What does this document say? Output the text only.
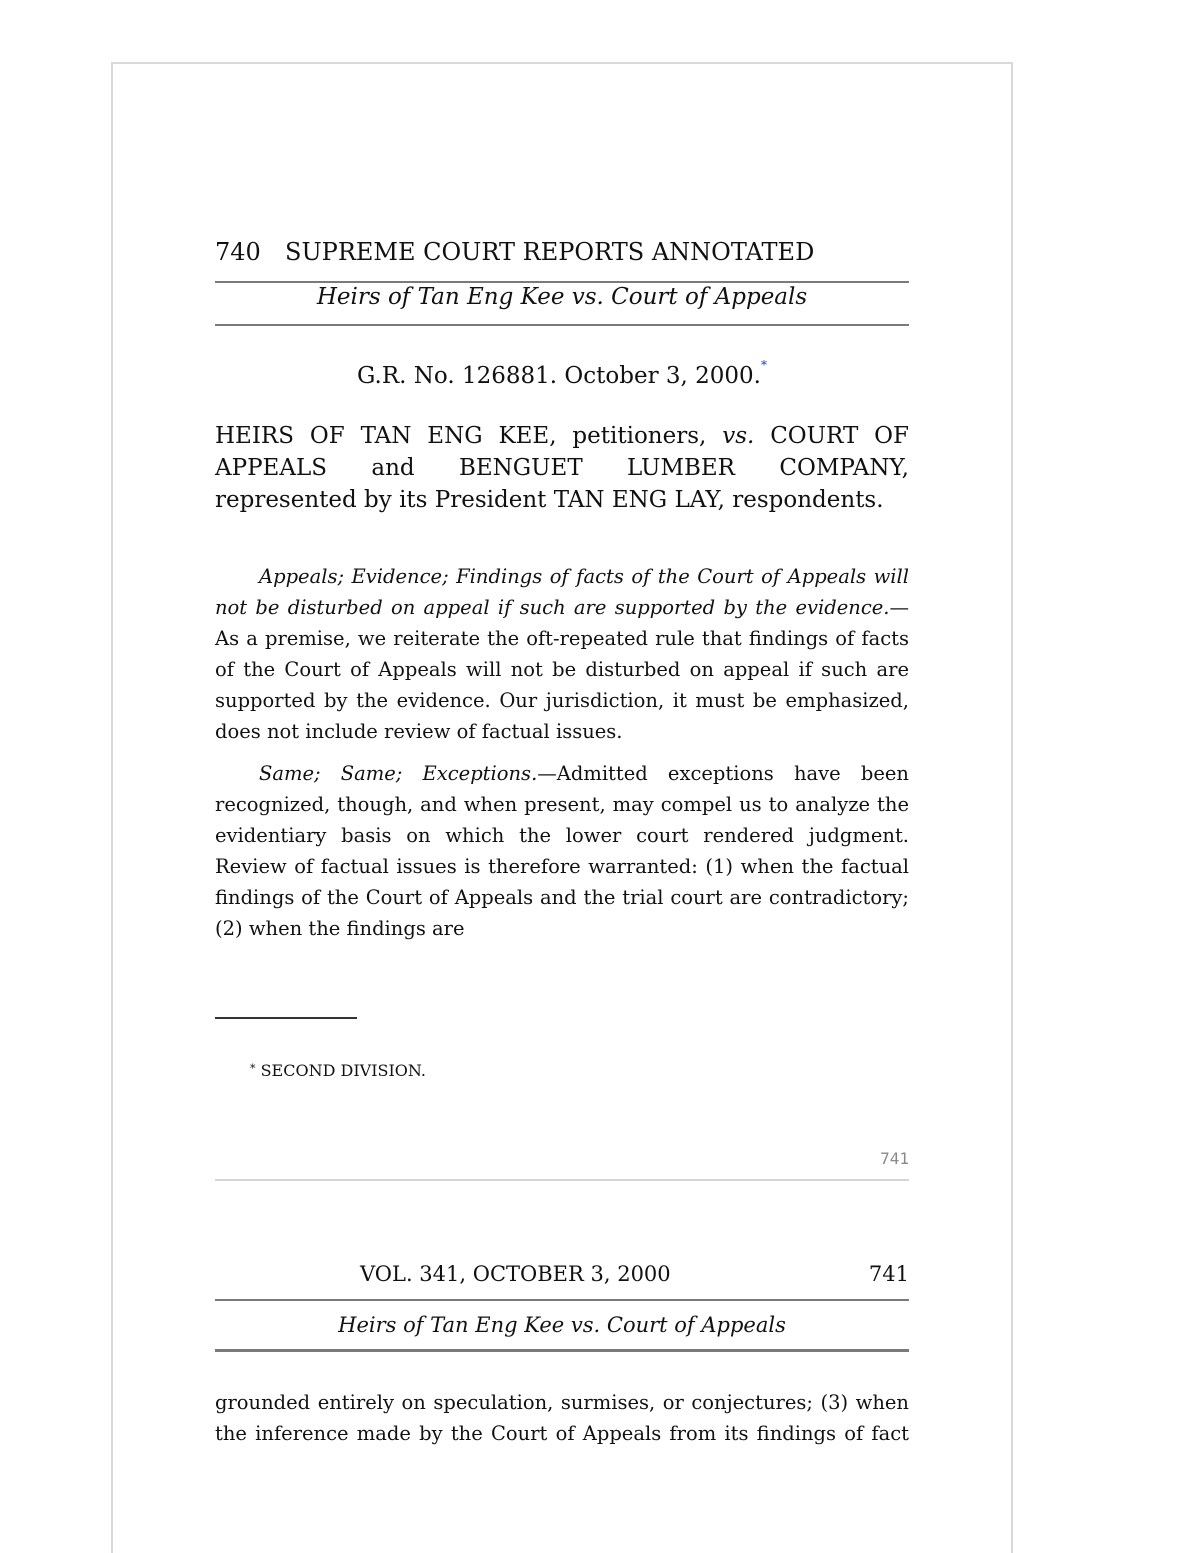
740 SUPREME COURT REPORTS ANNOTATED
Heirs of Tan Eng Kee vs. Court of Appeals
G.R. No. 126881. October 3, 2000.*
HEIRS OF TAN ENG KEE, petitioners, vs. COURT OF APPEALS and BENGUET LUMBER COMPANY, represented by its President TAN ENG LAY, respondents.

Appeals; Evidence; Findings of facts of the Court of Appeals will not be disturbed on appeal if such are supported by the evidence.—As a premise, we reiterate the oft-repeated rule that findings of facts of the Court of Appeals will not be disturbed on appeal if such are supported by the evidence. Our jurisdiction, it must be emphasized, does not include review of factual issues.

Same; Same; Exceptions.—Admitted exceptions have been recognized, though, and when present, may compel us to analyze the evidentiary basis on which the lower court rendered judgment. Review of factual issues is therefore warranted: (1) when the factual findings of the Court of Appeals and the trial court are contradictory; (2) when the findings are

* SECOND DIVISION.
741
VOL. 341, OCTOBER 3, 2000	741
Heirs of Tan Eng Kee vs. Court of Appeals

grounded entirely on speculation, surmises, or conjectures; (3) when

the inference made by the Court of Appeals from its findings of fact
